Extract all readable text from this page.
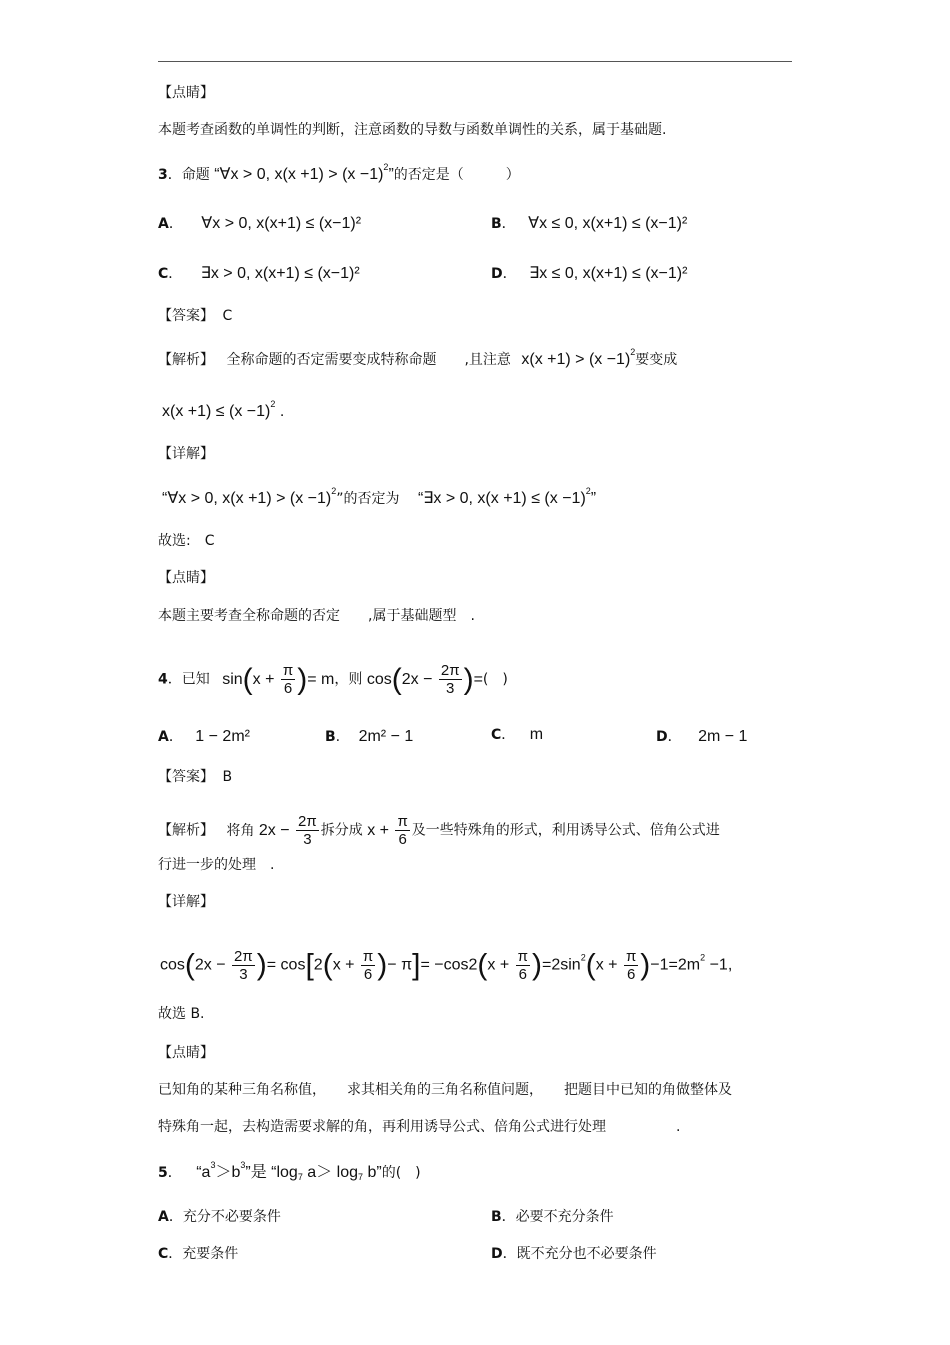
【点睛】
本题考查函数的单调性的判断，注意函数的导数与函数单调性的关系，属于基础题.
3．命题 “∀x > 0, $x(x +1) > (x -1)^2$”的否定是（　　　）
A． ∀x > 0, x(x+1) ≤ (x−1)²	B． ∀x ≤ 0, x(x+1) ≤ (x−1)²
C． ∃x > 0, x(x+1) ≤ (x−1)²	D． ∃x ≤ 0, x(x+1) ≤ (x−1)²
【答案】 C
【解析】 全称命题的否定需要变成特称命题　　,且注意 $x(x +1) > (x -1)^2$要变成
$x(x +1) \le (x -1)^2$ .
【详解】
“∀x > 0, $x(x +1) > (x -1)^2$”的否定为 “∃x > 0, $x(x +1) \le (x -1)^2$”
故选:　C
【点睛】
本题主要考查全称命题的否定　　,属于基础题型　.
4．已知 $\sin(x + \frac{\pi}{6}$ )= m，则 $\cos(2x - \frac{2\pi}{3}$ )=(　)
A． 1 − 2m²	B. 2m² − 1	C． m	D． 2m − 1
【答案】 B
【解析】 将角 $2x - \frac{2\pi}{3}$ 拆分成 $x + \frac{\pi}{6}$ 及一些特殊角的形式，利用诱导公式、倍角公式进
行进一步的处理　.
【详解】
$\cos(2x - \frac{2\pi}{3}$ )= $\cos[2(x + \frac{\pi}{6}$ )− $\pi]= -\cos 2(x + \frac{\pi}{6} )=2\sin^2(x + \frac{\pi}{6} )-1=2m^2 -1$,
故选 B.
【点睛】
已知角的某种三角名称值，　　求其相关角的三角名称值问题，　　把题目中已知的角做整体及
特殊角一起，去构造需要求解的角，再利用诱导公式、倍角公式进行处理　　　　　.
5． “$a^3>b^3$”是 “$\log_7$ $a> \log_7 b$”的(　)
A．充分不必要条件	B．必要不充分条件
C．充要条件	D．既不充分也不必要条件
